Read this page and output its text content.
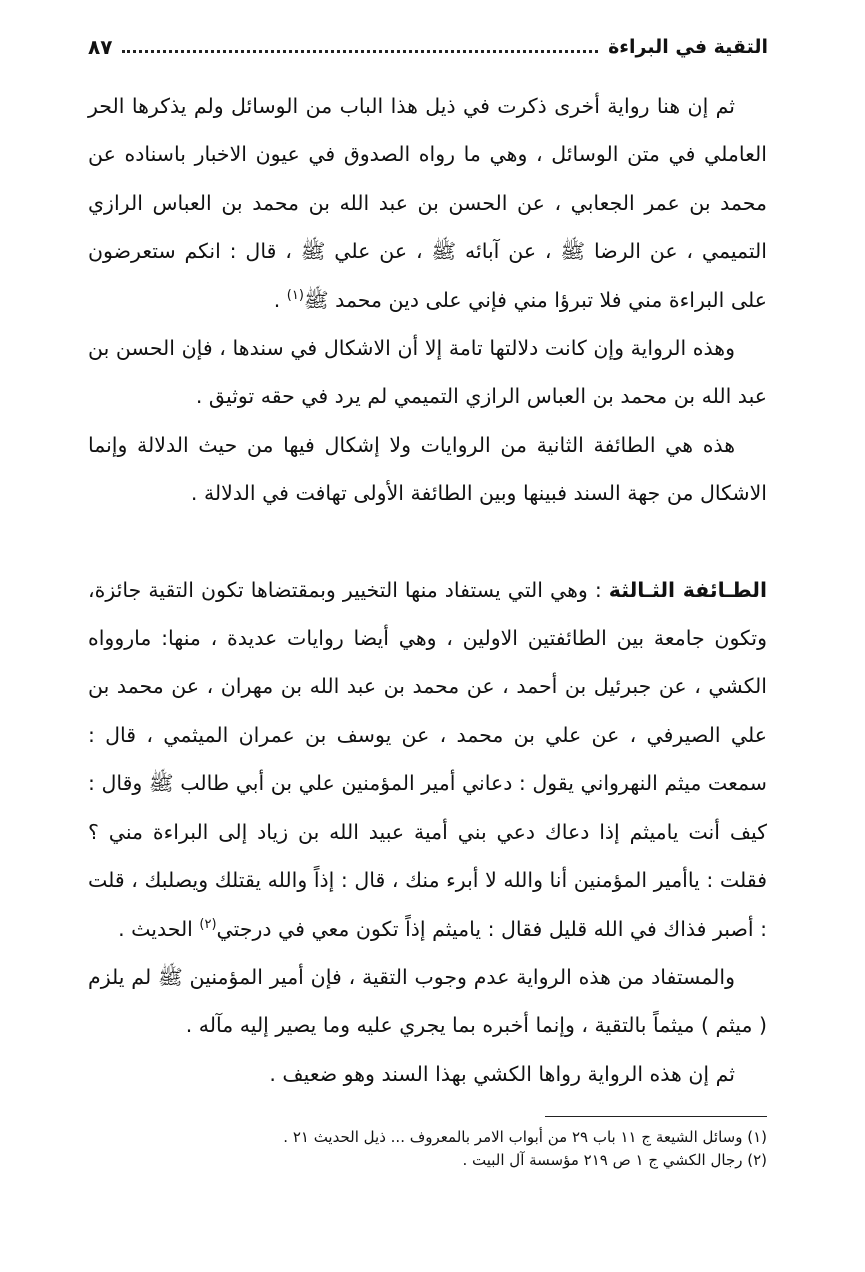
التقية في البراءة
٨٧

ثم إن هنا رواية أخرى ذكرت في ذيل هذا الباب من الوسائل ولم يذكرها الحر العاملي في متن الوسائل ، وهي ما رواه الصدوق في عيون الاخبار باسناده عن محمد بن عمر الجعابي ، عن الحسن بن عبد الله بن محمد بن العباس الرازي التميمي ، عن الرضا ﷺ ، عن آبائه ﷺ ، عن علي ﷺ ، قال : انكم ستعرضون على البراءة مني فلا تبرؤا مني فإني على دين محمد ﷺ$^{(١)}$ .

وهذه الرواية وإن كانت دلالتها تامة إلا أن الاشكال في سندها ، فإن الحسن بن عبد الله بن محمد بن العباس الرازي التميمي لم يرد في حقه توثيق .

هذه هي الطائفة الثانية من الروايات ولا إشكال فيها من حيث الدلالة وإنما الاشكال من جهة السند فبينها وبين الطائفة الأولى تهافت في الدلالة .

الطـائفة الثـالثة : وهي التي يستفاد منها التخيير وبمقتضاها تكون التقية جائزة، وتكون جامعة بين الطائفتين الاولين ، وهي أيضا روايات عديدة ، منها: ماروواه الكشي ، عن جبرئيل بن أحمد ، عن محمد بن عبد الله بن مهران ، عن محمد بن علي الصيرفي ، عن علي بن محمد ، عن يوسف بن عمران الميثمي ، قال : سمعت ميثم النهرواني يقول : دعاني أمير المؤمنين علي بن أبي طالب ﷺ وقال : كيف أنت ياميثم إذا دعاك دعي بني أمية عبيد الله بن زياد إلى البراءة مني ؟ فقلت : ياأمير المؤمنين أنا والله لا أبرء منك ، قال : إذاً والله يقتلك ويصلبك ، قلت : أصبر فذاك في الله قليل فقال : ياميثم إذاً تكون معي في درجتي$^{(٢)}$ الحديث .

والمستفاد من هذه الرواية عدم وجوب التقية ، فإن أمير المؤمنين ﷺ لم يلزم ( ميثم ) ميثماً بالتقية ، وإنما أخبره بما يجري عليه وما يصير إليه مآله .

ثم إن هذه الرواية رواها الكشي بهذا السند وهو ضعيف .

(١) وسائل الشيعة ج ١١ باب ٢٩ من أبواب الامر بالمعروف ... ذيل الحديث ٢١ .
(٢) رجال الكشي ج ١ ص ٢١٩ مؤسسة آل البيت .
